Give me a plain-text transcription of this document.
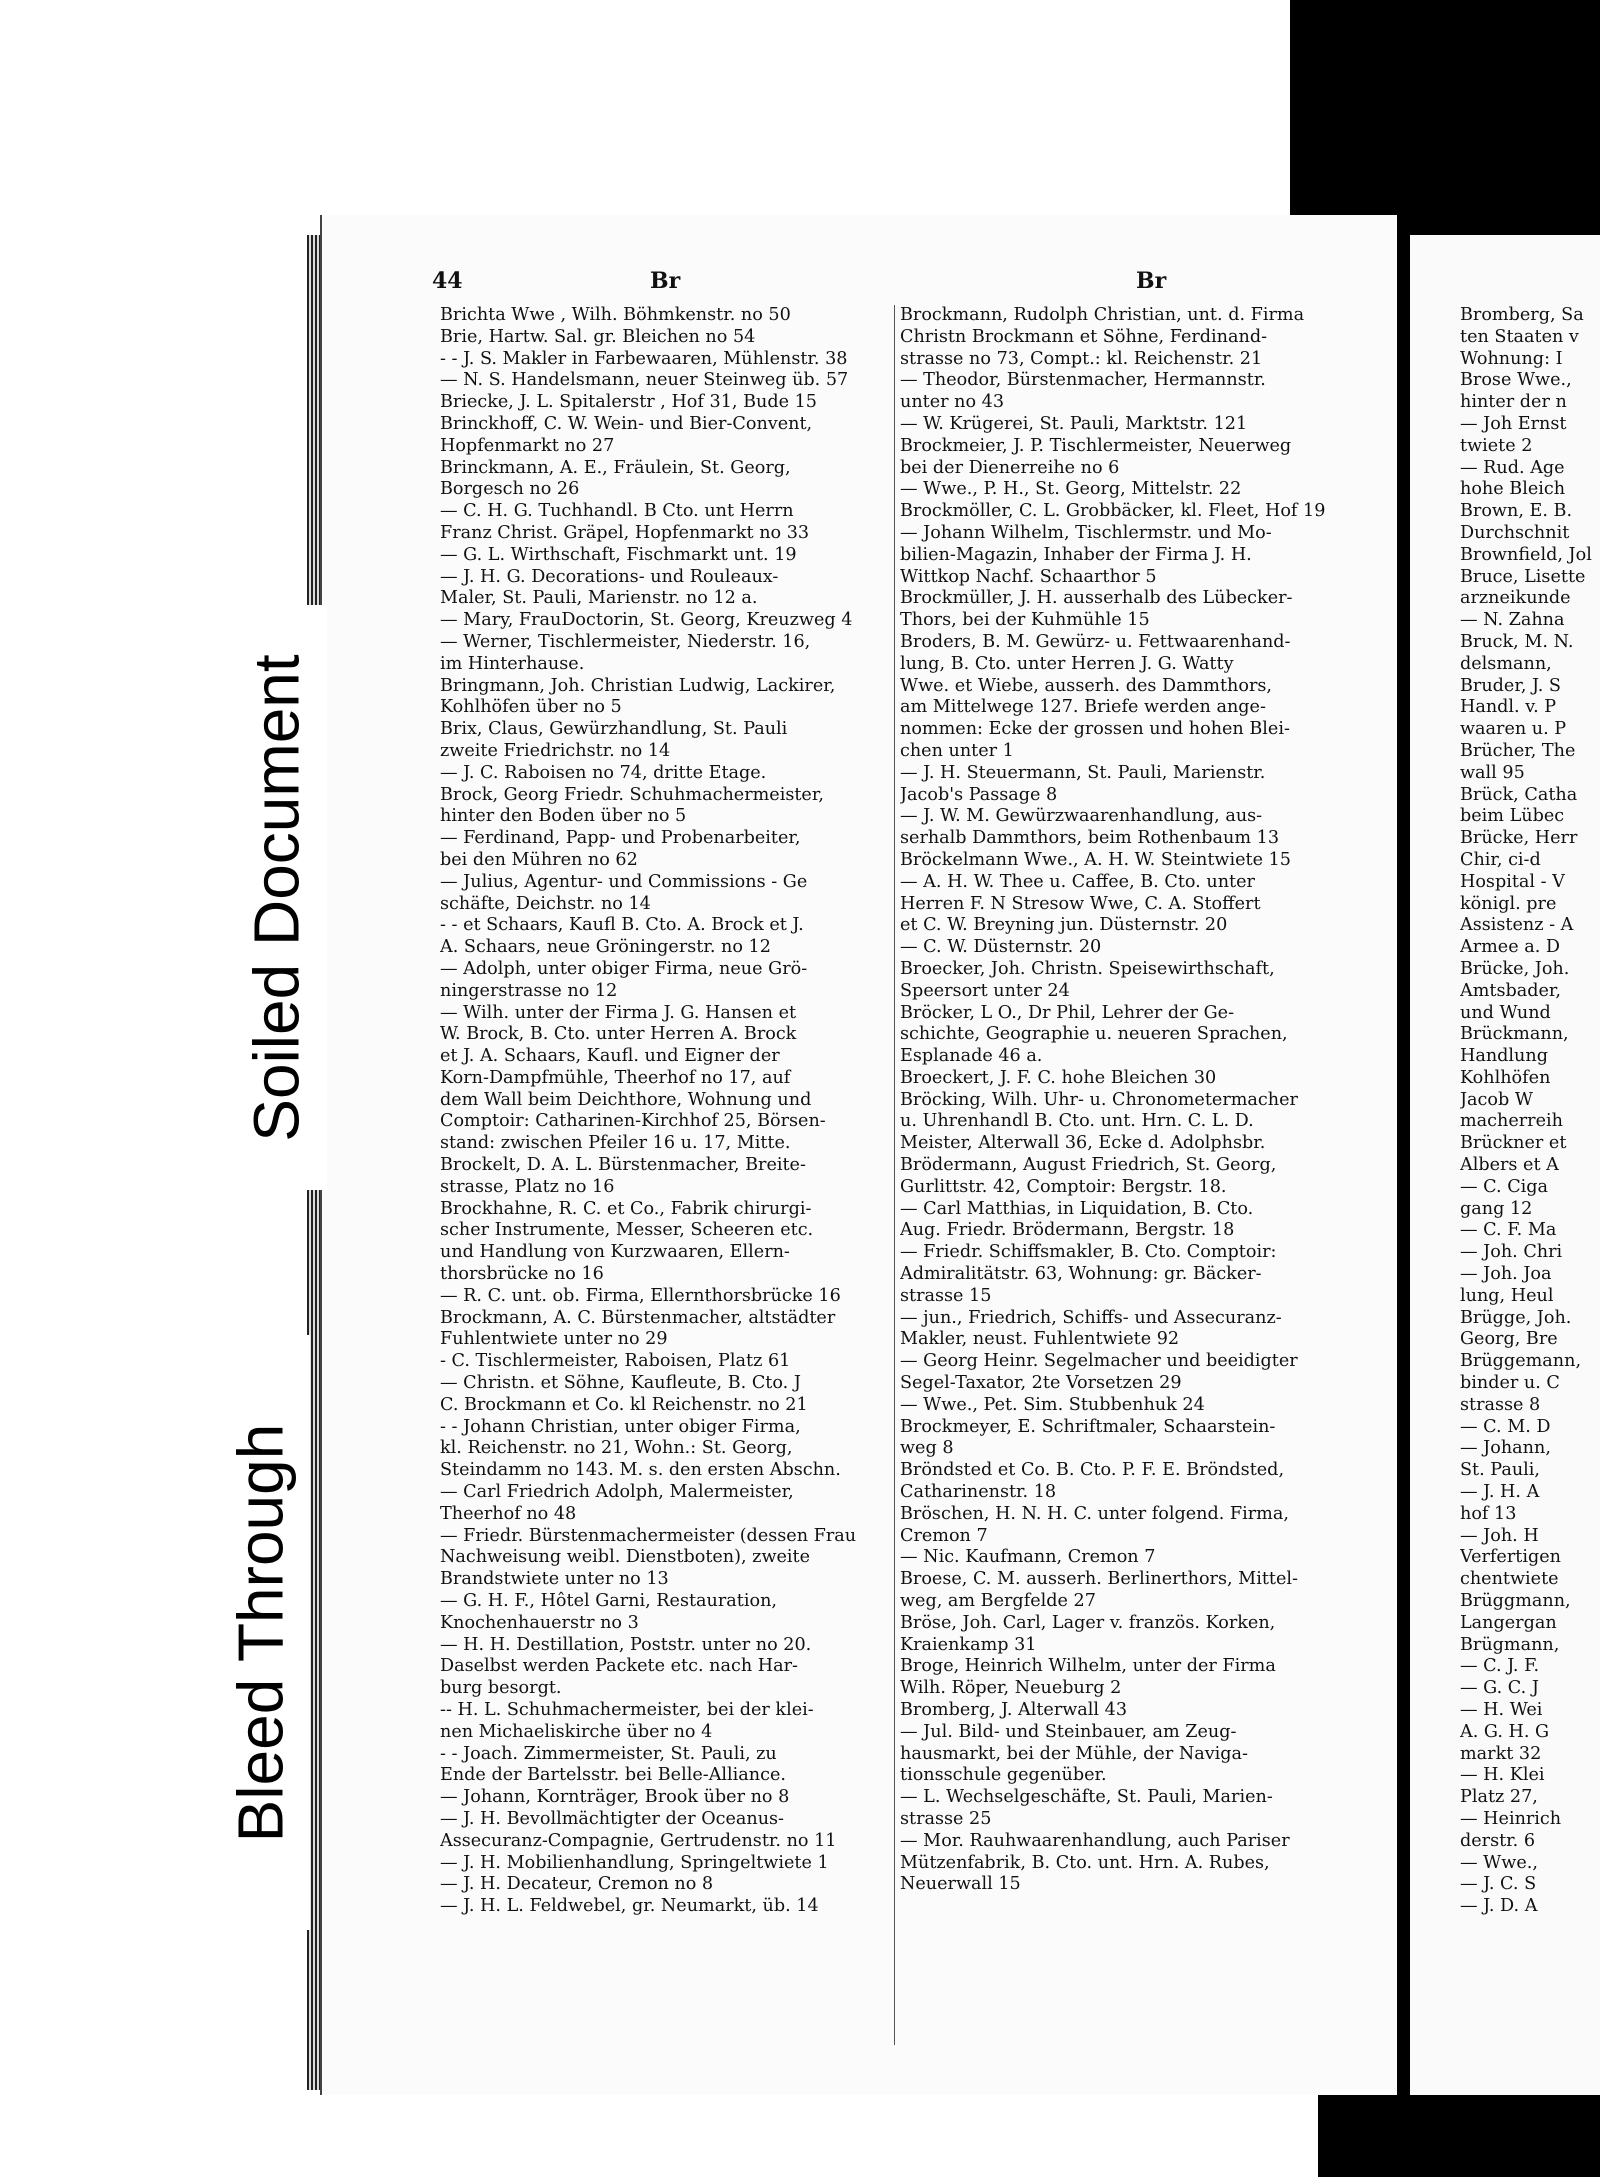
Soiled Document
Bleed Through
44	Br	Br
Brichta Wwe , Wilh. Böhmkenstr. no 50
Brie, Hartw. Sal. gr. Bleichen no 54
- - J. S. Makler in Farbewaaren, Mühlenstr. 38
— N. S. Handelsmann, neuer Steinweg üb. 57
Briecke, J. L. Spitalerstr , Hof 31, Bude 15
Brinckhoff, C. W. Wein- und Bier-Convent,
Hopfenmarkt no 27
Brinckmann, A. E., Fräulein, St. Georg,
Borgesch no 26
— C. H. G. Tuchhandl. B Cto. unt Herrn
Franz Christ. Gräpel, Hopfenmarkt no 33
— G. L. Wirthschaft, Fischmarkt unt. 19
— J. H. G. Decorations- und Rouleaux-
Maler, St. Pauli, Marienstr. no 12 a.
— Mary, FrauDoctorin, St. Georg, Kreuzweg 4
— Werner, Tischlermeister, Niederstr. 16,
im Hinterhause.
Bringmann, Joh. Christian Ludwig, Lackirer,
Kohlhöfen über no 5
Brix, Claus, Gewürzhandlung, St. Pauli
zweite Friedrichstr. no 14
— J. C. Raboisen no 74, dritte Etage.
Brock, Georg Friedr. Schuhmachermeister,
hinter den Boden über no 5
— Ferdinand, Papp- und Probenarbeiter,
bei den Mühren no 62
— Julius, Agentur- und Commissions - Ge
schäfte, Deichstr. no 14
- - et Schaars, Kaufl B. Cto. A. Brock et J.
A. Schaars, neue Gröningerstr. no 12
— Adolph, unter obiger Firma, neue Grö-
ningerstrasse no 12
— Wilh. unter der Firma J. G. Hansen et
W. Brock, B. Cto. unter Herren A. Brock
et J. A. Schaars, Kaufl. und Eigner der
Korn-Dampfmühle, Theerhof no 17, auf
dem Wall beim Deichthore, Wohnung und
Comptoir: Catharinen-Kirchhof 25, Börsen-
stand: zwischen Pfeiler 16 u. 17, Mitte.
Brockelt, D. A. L. Bürstenmacher, Breite-
strasse, Platz no 16
Brockhahne, R. C. et Co., Fabrik chirurgi-
scher Instrumente, Messer, Scheeren etc.
und Handlung von Kurzwaaren, Ellern-
thorsbrücke no 16
— R. C. unt. ob. Firma, Ellernthorsbrücke 16
Brockmann, A. C. Bürstenmacher, altstädter
Fuhlentwiete unter no 29
- C. Tischlermeister, Raboisen, Platz 61
— Christn. et Söhne, Kaufleute, B. Cto. J
C. Brockmann et Co. kl Reichenstr. no 21
- - Johann Christian, unter obiger Firma,
kl. Reichenstr. no 21, Wohn.: St. Georg,
Steindamm no 143. M. s. den ersten Abschn.
— Carl Friedrich Adolph, Malermeister,
Theerhof no 48
— Friedr. Bürstenmachermeister (dessen Frau
Nachweisung weibl. Dienstboten), zweite
Brandstwiete unter no 13
— G. H. F., Hôtel Garni, Restauration,
Knochenhauerstr no 3
— H. H. Destillation, Poststr. unter no 20.
Daselbst werden Packete etc. nach Har-
burg besorgt.
-- H. L. Schuhmachermeister, bei der klei-
nen Michaeliskirche über no 4
- - Joach. Zimmermeister, St. Pauli, zu
Ende der Bartelsstr. bei Belle-Alliance.
— Johann, Kornträger, Brook über no 8
— J. H. Bevollmächtigter der Oceanus-
Assecuranz-Compagnie, Gertrudenstr. no 11
— J. H. Mobilienhandlung, Springeltwiete 1
— J. H. Decateur, Cremon no 8
— J. H. L. Feldwebel, gr. Neumarkt, üb. 14
Brockmann, Rudolph Christian, unt. d. Firma
Christn Brockmann et Söhne, Ferdinand-
strasse no 73, Compt.: kl. Reichenstr. 21
— Theodor, Bürstenmacher, Hermannstr.
unter no 43
— W. Krügerei, St. Pauli, Marktstr. 121
Brockmeier, J. P. Tischlermeister, Neuerweg
bei der Dienerreihe no 6
— Wwe., P. H., St. Georg, Mittelstr. 22
Brockmöller, C. L. Grobbäcker, kl. Fleet, Hof 19
— Johann Wilhelm, Tischlermstr. und Mo-
bilien-Magazin, Inhaber der Firma J. H.
Wittkop Nachf. Schaarthor 5
Brockmüller, J. H. ausserhalb des Lübecker-
Thors, bei der Kuhmühle 15
Broders, B. M. Gewürz- u. Fettwaarenhand-
lung, B. Cto. unter Herren J. G. Watty
Wwe. et Wiebe, ausserh. des Dammthors,
am Mittelwege 127. Briefe werden ange-
nommen: Ecke der grossen und hohen Blei-
chen unter 1
— J. H. Steuermann, St. Pauli, Marienstr.
Jacob's Passage 8
— J. W. M. Gewürzwaarenhandlung, aus-
serhalb Dammthors, beim Rothenbaum 13
Bröckelmann Wwe., A. H. W. Steintwiete 15
— A. H. W. Thee u. Caffee, B. Cto. unter
Herren F. N Stresow Wwe, C. A. Stoffert
et C. W. Breyning jun. Düsternstr. 20
— C. W. Düsternstr. 20
Broecker, Joh. Christn. Speisewirthschaft,
Speersort unter 24
Bröcker, L O., Dr Phil, Lehrer der Ge-
schichte, Geographie u. neueren Sprachen,
Esplanade 46 a.
Broeckert, J. F. C. hohe Bleichen 30
Bröcking, Wilh. Uhr- u. Chronometermacher
u. Uhrenhandl B. Cto. unt. Hrn. C. L. D.
Meister, Alterwall 36, Ecke d. Adolphsbr.
Brödermann, August Friedrich, St. Georg,
Gurlittstr. 42, Comptoir: Bergstr. 18.
— Carl Matthias, in Liquidation, B. Cto.
Aug. Friedr. Brödermann, Bergstr. 18
— Friedr. Schiffsmakler, B. Cto. Comptoir:
Admiralitätstr. 63, Wohnung: gr. Bäcker-
strasse 15
— jun., Friedrich, Schiffs- und Assecuranz-
Makler, neust. Fuhlentwiete 92
— Georg Heinr. Segelmacher und beeidigter
Segel-Taxator, 2te Vorsetzen 29
— Wwe., Pet. Sim. Stubbenhuk 24
Brockmeyer, E. Schriftmaler, Schaarstein-
weg 8
Bröndsted et Co. B. Cto. P. F. E. Bröndsted,
Catharinenstr. 18
Bröschen, H. N. H. C. unter folgend. Firma,
Cremon 7
— Nic. Kaufmann, Cremon 7
Broese, C. M. ausserh. Berlinerthors, Mittel-
weg, am Bergfelde 27
Bröse, Joh. Carl, Lager v. französ. Korken,
Kraienkamp 31
Broge, Heinrich Wilhelm, unter der Firma
Wilh. Röper, Neueburg 2
Bromberg, J. Alterwall 43
— Jul. Bild- und Steinbauer, am Zeug-
hausmarkt, bei der Mühle, der Naviga-
tionsschule gegenüber.
— L. Wechselgeschäfte, St. Pauli, Marien-
strasse 25
— Mor. Rauhwaarenhandlung, auch Pariser
Mützenfabrik, B. Cto. unt. Hrn. A. Rubes,
Neuerwall 15
Bromberg, Sa
ten Staaten v
Wohnung: I
Brose Wwe.,
hinter der n
— Joh Ernst
twiete 2
— Rud. Age
hohe Bleich
Brown, E. B.
Durchschnit
Brownfield, Jol
Bruce, Lisette
arzneikunde
— N. Zahna
Bruck, M. N.
delsmann,
Bruder, J. S
Handl. v. P
waaren u. P
Brücher, The
wall 95
Brück, Catha
beim Lübec
Brücke, Herr
Chir, ci-d
Hospital - V
königl. pre
Assistenz - A
Armee a. D
Brücke, Joh.
Amtsbader,
und Wund
Brückmann,
Handlung
Kohlhöfen
Jacob W
macherreih
Brückner et
Albers et A
— C. Ciga
gang 12
— C. F. Ma
— Joh. Chri
— Joh. Joa
lung, Heul
Brügge, Joh.
Georg, Bre
Brüggemann,
binder u. C
strasse 8
— C. M. D
— Johann,
St. Pauli,
— J. H. A
hof 13
— Joh. H
Verfertigen
chentwiete
Brüggmann,
Langergan
Brügmann,
— C. J. F.
— G. C. J
— H. Wei
A. G. H. G
markt 32
— H. Klei
Platz 27,
— Heinrich
derstr. 6
— Wwe.,
— J. C. S
— J. D. A
